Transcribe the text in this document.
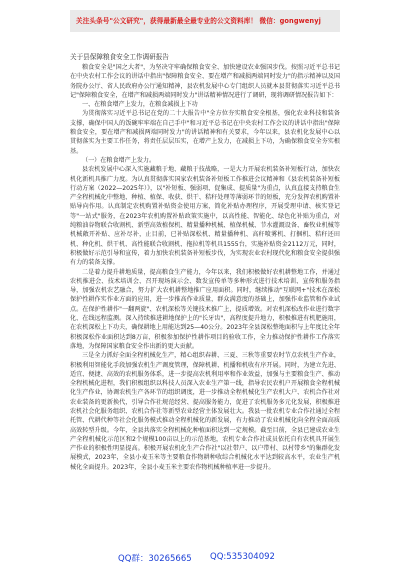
关注头条号"公文研究"，获得最新最全最专业的公文资料库！ 微信：gongwenyj
关于县保障粮食安全工作调研报告

粮食安全是"国之大者"，为坚决守牢确保粮食安全、加快建设农业强国步伐。按照习近平总书记在中央农村工作会议的讲话中指出"保障粮食安全、要在增产和减损两端同时发力"的指示精神以及国务院办公厅、省人民政府办公厅通知精神，县农机发展中心专门组织人员就本县贯彻落实习近平总书记"保障粮食安全，在增产和减损两端同时发力"讲话精神情况进行了调研，现将调研情况报告如下：

一、在粮食增产上发力，在粮食减损上下功

为贯彻落实习近平总书记在党的二十大报告中"全方位夯实粮食安全根基，强化农业科技和装备支撑，确保中国人的饭碗牢牢端在自己手中"和习近平总书记在中央农村工作会议的讲话中指出"保障粮食安全，要在增产和减损两端同时发力"的讲话精神和有关要求，今年以来，县农机化发展中心以贯彻落实为主要工作任务，将责任层层压实，在增产上发力，在减损上下功，为确保粮食安全夯实根基。

（一）在粮食增产上发力。

县农机发展中心深入实施藏粮于地、藏粮于技战略，一是大力开展农机装备补短板行动，加快农机化新机具推广力度。为认真贯彻落实国家农机装备补短板工作推进会议精神和《县农机装备补短板行动方案（2022—2025年）》，以"补短板、强弱项、促集成、提质量"为重点，认真直接支持粮食生产全程机械化中整地、种植、植保、收获、烘干、秸秆处理等薄弱环节的短板，充分发挥农机购置补贴导向作用。认真制定农机购置补贴资金使用方案，简化补贴办理程序，开展受理申请、核实登记等"一站式"服务，在2023年农机购置补贴政策实施中，以高性能、智能化、绿色化补贴为重点，对纯粮油谷物联合收割机、新型高效植保机、精量播种机械、植保机械、节水灌溉设备、畜牧业机械等机械敞开补贴、应补尽补，止目前，已补贴深松机、精量播种机、高秆喷雾机、打捆机、秸秆还田机、种化机、烘干机、高性能联合收割机、拖拉机等机具1555台，实施补贴资金2112万元，同时，积极做好示范引导和宣传，着力加快农机装备补短板步伐，为实现农业农村现代化和粮食安全提供强有力的装备支撑。

二是着力提升耕地质量，提高粮食生产能力，今年以来，我们积极做好农机耕整地工作，并通过农机推进会、技术培训会、召开现场演示会、数发宣传单等多种形式进行技术培训、宣传和服务指导，加强农机农艺融合，努力扩大农机耕整地推广应用面积。同时，继续推动"互联网+"技术在深松保护性耕作实作业方面的应用，进一步推高作业质量，群众满意度的基础上，加强作业监管和作业试点。在保护性耕作"一翻两旋"、农机深松等关键技术推广上，提质增效。对农机深松改作业进行数字化、在线远程监测。深入持续推进耕地保护上的"长牙齿"，高程度提升地力，积极推进有机肥施用，在农机深松上下功夫，确保耕地上用能达到25—40公分。2023年全县深松整地面积与上年度比全年积极深松作业面积达到8万亩，积极参加保护性耕作项目的验收工作，全力推动保护性耕作工作落实落地，为保障国家粮食安全作出新的更大贡献。

三是全力抓好全面全程机械化生产，精心组织春耕、三夏、三秋等重要农时节点农机生产作业，积极利用智能化手段加强农机生产调度管理，保障机耕、机播和机收有序开展。同时，为建立先进、适宜、便捷、高效的农机服务体系，进一步提高农机利用率和作业效益，加强与主要粮食生产、推动全程机械化进程，我们积极组织以科技人员深入农业生产第一线，指导农民农机户开展粮食全程机械化生产作业，协调农机生产各环节的组织调度，进一步推动全程机械化生产农机大户、农机合作社对农业装备的更新换代，引导合作社规范经营、提高服务能力，促进了农机服务多元化发展，积极推进农机社会化服务组织、农机合作社等新型农业经营主体发展壮大。我县一批农机专业合作社通过全程托管、代耕代种等社会化服务模式推动全程机械化的新发展，有力推动了农业机械化向全程全面高质高效转型升级。今年，全县共落实全程机械化种植面积达到一定规模。截至目前，全县已建成农业生产全程机械化示范区和2个规模100亩以上的示范基地，农机专业合作社成员依托自有农机具开展生产作业的积极性明显提高。积极开展农机化生产合作社"以社带户、以户带村、以村带乡"的集群化发展模式，2023年，全县小麦玉米等主要粮食作物耕种收综合机械化水平达到较高水平，农业生产机械化全面提升。2023年，全县小麦玉米主要农作物机械种植率进一步提升。

QQ群：30265665 QQ:535304092
